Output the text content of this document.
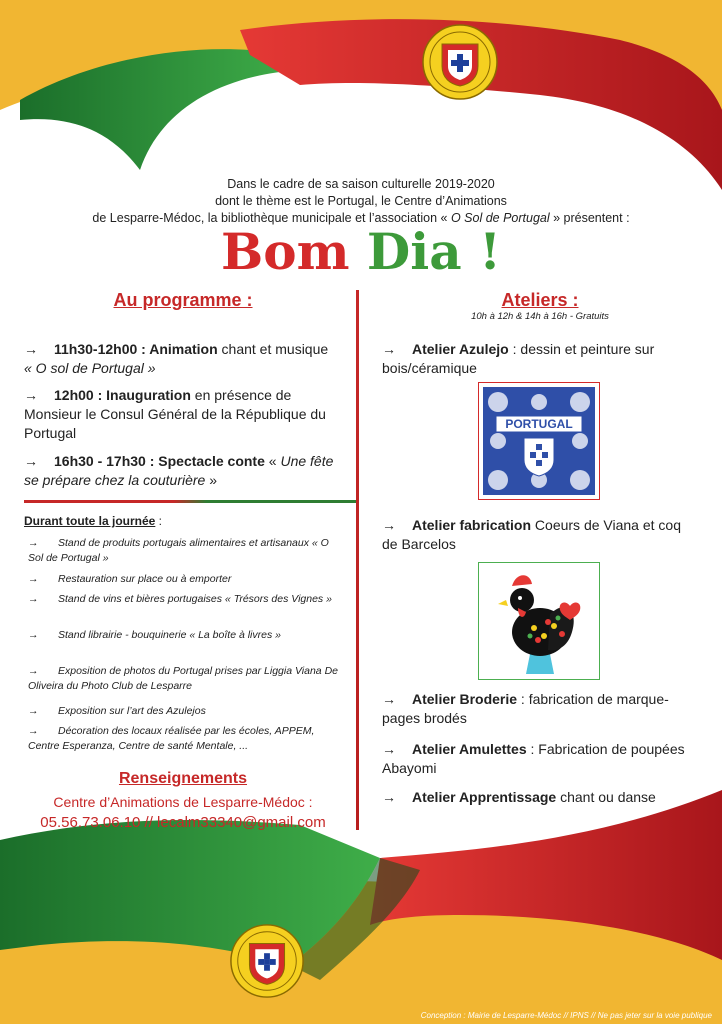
Dans le cadre de sa saison culturelle 2019-2020
dont le thème est le Portugal, le Centre d’Animations
de Lesparre-Médoc, la bibliothèque municipale et l’association « O Sol de Portugal » présentent :
Bom Dia !
Au programme :
→ 11h30-12h00 : Animation chant et musique
« O sol de Portugal »
→ 12h00 : Inauguration en présence de Monsieur le Consul Général de la République du Portugal
→ 16h30 - 17h30 : Spectacle conte « Une fête se prépare chez la couturière »
Durant toute la journée :
→ Stand de produits portugais alimentaires et artisanaux « O Sol de Portugal »
→ Restauration sur place ou à emporter
→ Stand de vins et bières portugaises « Trésors des Vignes »
→ Stand librairie - bouquinerie « La boîte à livres »
→ Exposition de photos du Portugal prises par Liggia Viana De Oliveira du Photo Club de Lesparre
→ Exposition sur l’art des Azulejos
→ Décoration des locaux réalisée par les écoles, APPEM, Centre Esperanza, Centre de santé Mentale, ...
Renseignements
Centre d’Animations de Lesparre-Médoc :
05.56.73.06.10 // lecalm33340@gmail.com
Ateliers :
10h à 12h & 14h à 16h - Gratuits
→ Atelier Azulejo : dessin et peinture sur bois/céramique
PORTUGAL
→ Atelier fabrication Coeurs de Viana et coq de Barcelos
→ Atelier Broderie : fabrication de marque-pages brodés
→ Atelier Amulettes : Fabrication de poupées Abayomi
→ Atelier Apprentissage chant ou danse
Conception : Mairie de Lesparre-Médoc // IPNS // Ne pas jeter sur la voie publique
